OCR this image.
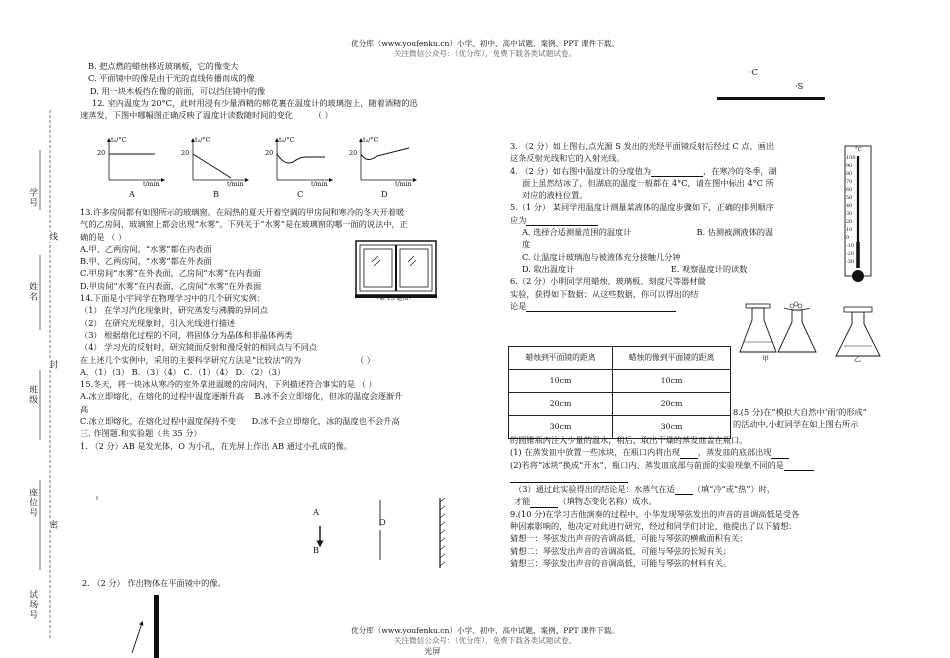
优分库（www.youfenku.cn）小学、初中、高中试题、案例、PPT 课件下载。
关注微信公众号：（优分库），免费下载各类试题试卷。
学号
姓名
班级
座位号
试场号
线
封
密
B. 把点燃的蜡烛移近玻璃板，它的像变大
C. 平面镜中的像是由于光的直线传播而成的像
D. 用一块木板挡在像的前面，可以挡住镜中的像
12. 室内温度为 20°C，此时用浸有少量酒精的棉花裹在温度计的玻璃泡上，随着酒精的迅
速蒸发，下图中哪幅图正确反映了温度计读数随时间的变化	（ ）
t₀/°C	t₀/°C	t₀/°C	t₀/°C
20	20	20	20
t/min	t/min	t/min	t/min
A	B	C	D
13.许多房间都有如图所示的玻璃窗。在闷热的夏天开着空调的甲房间和寒冷的冬天开着暖
气的乙房间，玻璃窗上都会出现“水雾”。下列关于“水雾”是在玻璃窗的哪一面的说法中，正
确的是 （ ）
A.甲、乙两房间，“水雾”都在内表面
B.甲、乙两房间，“水雾”都在外表面
C.甲房间“水雾”在外表面，乙房间“水雾”在内表面
D.甲房间“水雾”在内表面，乙房间“水雾”在外表面
14.下面是小宇同学在物理学习中的几个研究实例：
（1） 在学习汽化现象时，研究蒸发与沸腾的异同点
（2） 在研究光现象时，引入光线进行描述
（3） 根据熔化过程的不同，将固体分为晶体和非晶体两类
（4） 学习光的反射时，研究镜面反射和漫反射的相同点与不同点
在上述几个实例中，采用的主要科学研究方法是“比较法”的为	（ ）
A．（1）（3） B．（3）（4） C．（1）（4） D．（2）（3）
15.冬天，将一块冰从寒冷的室外拿进温暖的房间内，下列描述符合事实的是 （ ）
A.冰立即熔化，在熔化的过程中温度逐渐升高 B.冰不会立即熔化，但冰的温度会逐渐升
高
C.冰立即熔化，在熔化过程中温度保持不变 D.冰不会立即熔化，冰的温度也不会升高
三. 作图题.和实验题（共 35 分）
1. （2 分）AB 是发光体，O 为小孔，在光屏上作出 AB 通过小孔成的像。
（第 13 题图）
A
B
O
2. （2 分） 作出物体在平面镜中的像。
优分库（www.youfenku.cn）小学、初中、高中试题、案例、PPT 课件下载。
关注微信公众号：（优分库），免费下载各类试题试卷。
光屏
·C
·S
3. （2 分）如上图右,点光源 S 发出的光经平面镜反射后经过 C 点，画出
这条反射光线和它的入射光线。
4. （2 分）如右图中温度计的分度值为	，在寒冷的冬季，湖
面上虽然结冰了，但湖底的温度一般都在 4°C，请在图中标出 4°C 所
对应的液柱位置。
5.（1 分） 某同学用温度计测量某液体的温度步骤如下，正确的排列顺序
应为
A. 选择合适测量范围的温度计	B. 估测被测液体的温
度
C. 让温度计玻璃泡与被液体充分接触几分钟
D. 取出温度计	E. 观察温度计的读数
6.（2 分）小明同学用蜡烛、玻璃板、刻度尺等器材做
实验，获得如下数据：从这些数据，你可以得出的结
论是
°C
100
90
80
70
60
50
40
30
20
10
0
-10
-20
-30
蜡烛到平面镜的距离	蜡烛的像到平面镜的距离
10cm	10cm
20cm	20cm
30cm	30cm
甲	乙
8.(5 分)在“模拟大自然中‘雨’的形成”
的活动中,小虹同学在如上图右所示
的圆锥瓶内注入少量的温水，稍后，取出干燥的蒸发皿盖在瓶口。
(1) 在蒸发皿中放置一些冰块，在瓶口内将出现 ，蒸发皿的底部出现
(2)若将“冰块”换成“开水”，瓶口内、蒸发皿底部与前面的实验现象不同的是
（3）通过此实验得出的结论是：水蒸气在适 （填“冷”或“热”）时，
才能	（填物态变化名称）成水。
9.(10 分)在学习吉他演奏的过程中，小华发现琴弦发出的声音的音调高低是受各
种因素影响的，他决定对此进行研究，经过和同学们讨论，他提出了以下猜想：
猜想一：琴弦发出声音的音调高低，可能与琴弦的横截面积有关；
猜想二：琴弦发出声音的音调高低，可能与琴弦的长短有关；
猜想三：琴弦发出声音的音调高低，可能与琴弦的材料有关。
